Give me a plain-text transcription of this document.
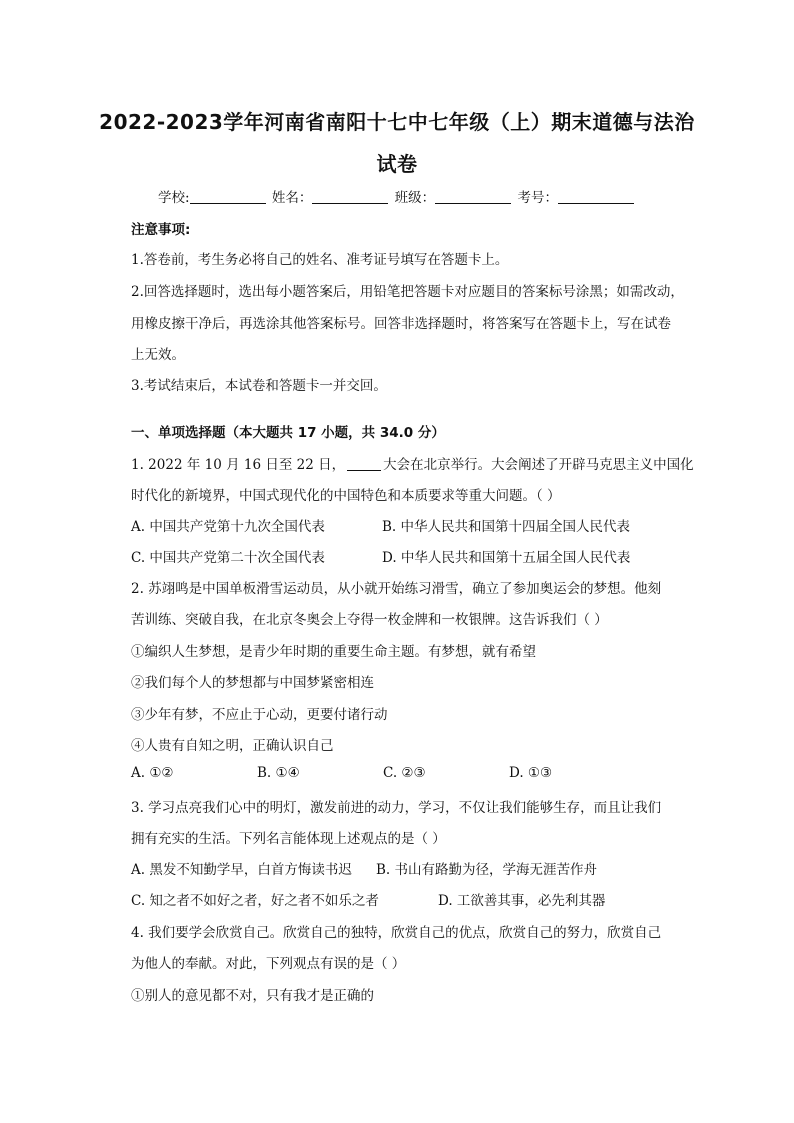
2022-2023学年河南省南阳十七中七年级（上）期末道德与法治
试卷
学校:	姓名：	班级：	考号：
注意事项:
1.答卷前，考生务必将自己的姓名、准考证号填写在答题卡上。
2.回答选择题时，选出每小题答案后，用铅笔把答题卡对应题目的答案标号涂黑；如需改动，
用橡皮擦干净后，再选涂其他答案标号。回答非选择题时，将答案写在答题卡上，写在试卷
上无效。
3.考试结束后，本试卷和答题卡一并交回。
一、单项选择题（本大题共 17 小题，共 34.0 分）
1. 2022 年 10 月 16 日至 22 日，	大会在北京举行。大会阐述了开辟马克思主义中国化
时代化的新境界，中国式现代化的中国特色和本质要求等重大问题。（ ）
A. 中国共产党第十九次全国代表	B. 中华人民共和国第十四届全国人民代表
C. 中国共产党第二十次全国代表	D. 中华人民共和国第十五届全国人民代表
2. 苏翊鸣是中国单板滑雪运动员，从小就开始练习滑雪，确立了参加奥运会的梦想。他刻
苦训练、突破自我，在北京冬奥会上夺得一枚金牌和一枚银牌。这告诉我们（ ）
①编织人生梦想，是青少年时期的重要生命主题。有梦想，就有希望
②我们每个人的梦想都与中国梦紧密相连
③少年有梦，不应止于心动，更要付诸行动
④人贵有自知之明，正确认识自己
A. ①②	B. ①④	C. ②③	D. ①③
3. 学习点亮我们心中的明灯，激发前进的动力，学习，不仅让我们能够生存，而且让我们
拥有充实的生活。下列名言能体现上述观点的是（ ）
A. 黑发不知勤学早，白首方悔读书迟 B. 书山有路勤为径，学海无涯苦作舟
C. 知之者不如好之者，好之者不如乐之者	D. 工欲善其事，必先利其器
4. 我们要学会欣赏自己。欣赏自己的独特，欣赏自己的优点，欣赏自己的努力，欣赏自己
为他人的奉献。对此，下列观点有误的是（ ）
①别人的意见都不对，只有我才是正确的
